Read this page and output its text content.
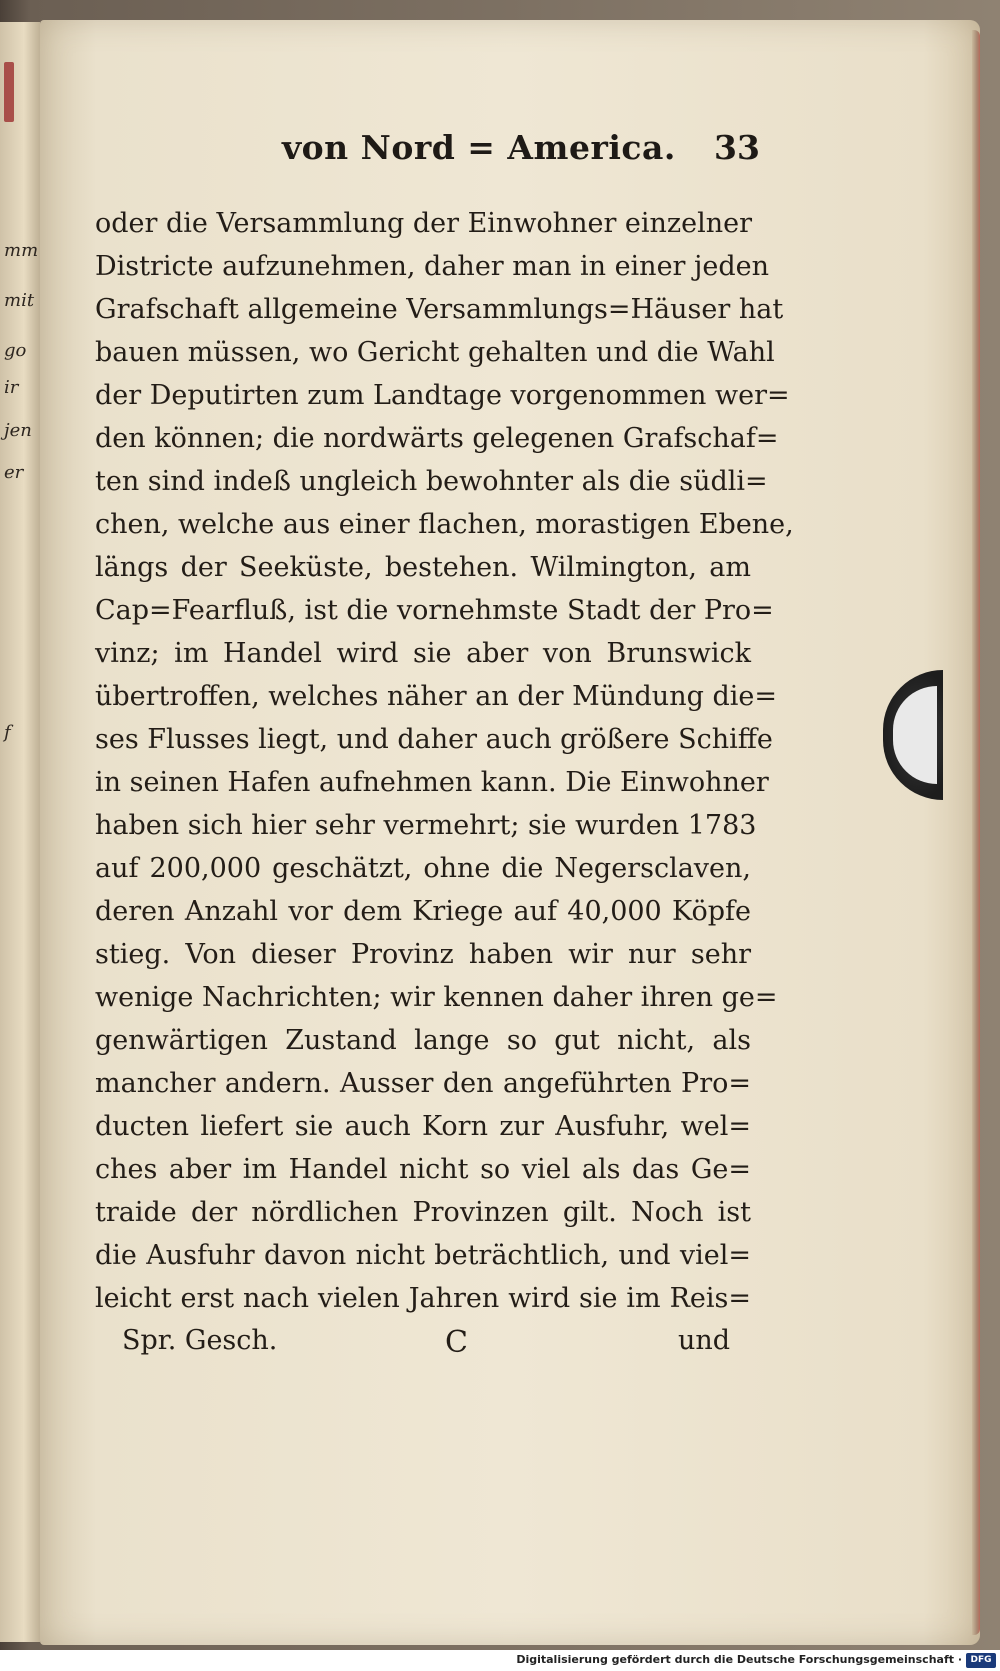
mm
mit
go
ir
jen
er
f
von Nord = America. 33
oder die Versammlung der Einwohner einzelner
Districte aufzunehmen, daher man in einer jeden
Grafschaft allgemeine Versammlungs=Häuser hat
bauen müssen, wo Gericht gehalten und die Wahl
der Deputirten zum Landtage vorgenommen wer=
den können; die nordwärts gelegenen Grafschaf=
ten sind indeß ungleich bewohnter als die südli=
chen, welche aus einer flachen, morastigen Ebene,
längs der Seeküste, bestehen. Wilmington, am
Cap=Fearfluß, ist die vornehmste Stadt der Pro=
vinz; im Handel wird sie aber von Brunswick
übertroffen, welches näher an der Mündung die=
ses Flusses liegt, und daher auch größere Schiffe
in seinen Hafen aufnehmen kann. Die Einwohner
haben sich hier sehr vermehrt; sie wurden 1783
auf 200,000 geschätzt, ohne die Negersclaven,
deren Anzahl vor dem Kriege auf 40,000 Köpfe
stieg. Von dieser Provinz haben wir nur sehr
wenige Nachrichten; wir kennen daher ihren ge=
genwärtigen Zustand lange so gut nicht, als
mancher andern. Ausser den angeführten Pro=
ducten liefert sie auch Korn zur Ausfuhr, wel=
ches aber im Handel nicht so viel als das Ge=
traide der nördlichen Provinzen gilt. Noch ist
die Ausfuhr davon nicht beträchtlich, und viel=
leicht erst nach vielen Jahren wird sie im Reis=
Spr. Gesch.	C	und
Digitalisierung gefördert durch die Deutsche Forschungsgemeinschaft · DFG
